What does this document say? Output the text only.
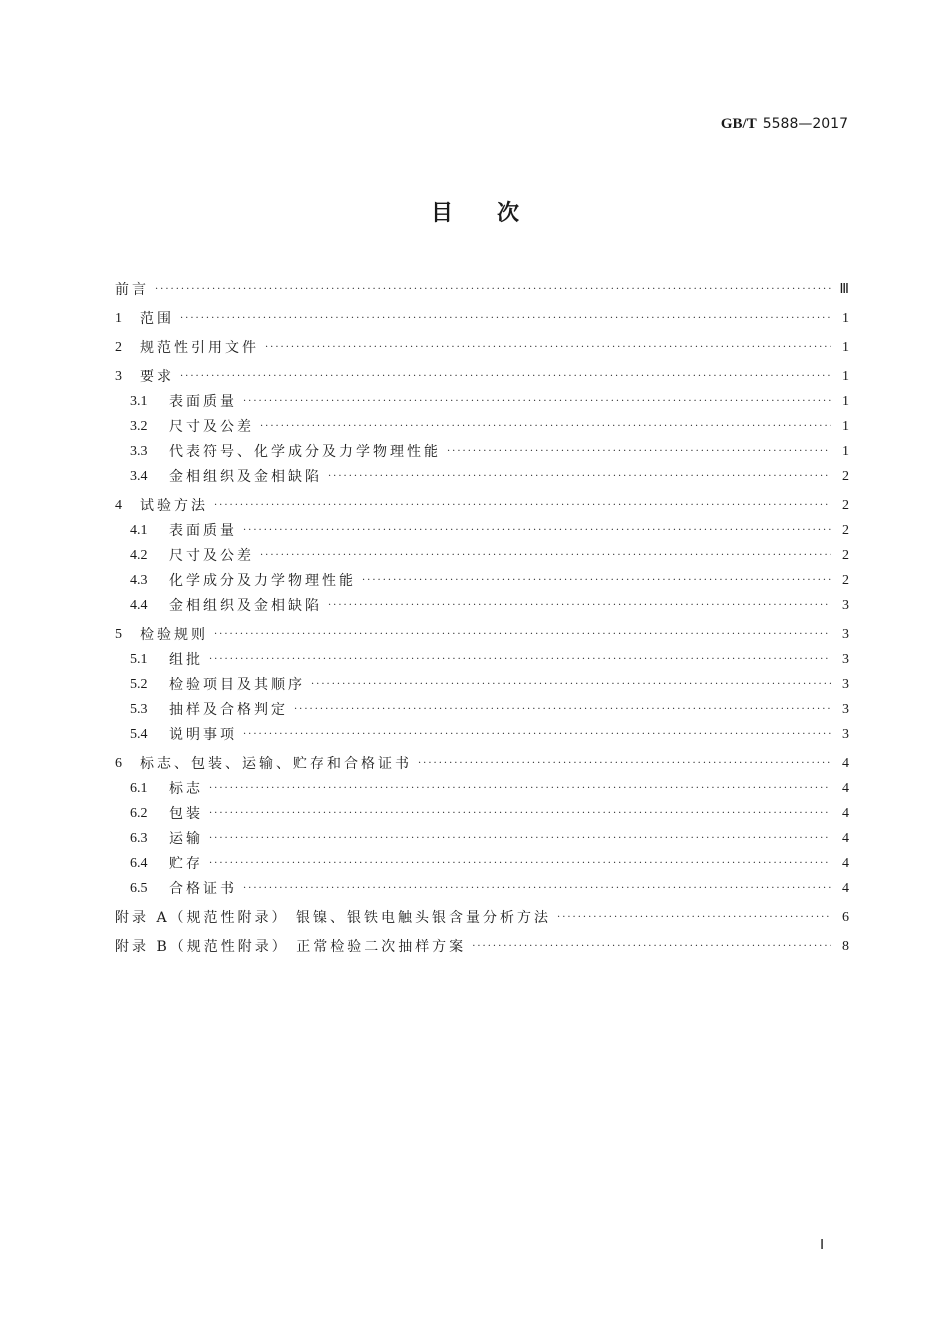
GB/T 5588—2017
目次
前言 ·····	Ⅲ
1	范围 ·····	1
2	规范性引用文件 ·····	1
3	要求 ·····	1
3.1	表面质量 ·····	1
3.2	尺寸及公差 ·····	1
3.3	代表符号、化学成分及力学物理性能 ·····	1
3.4	金相组织及金相缺陷 ·····	2
4	试验方法 ·····	2
4.1	表面质量 ·····	2
4.2	尺寸及公差 ·····	2
4.3	化学成分及力学物理性能 ·····	2
4.4	金相组织及金相缺陷 ·····	3
5	检验规则 ·····	3
5.1	组批 ·····	3
5.2	检验项目及其顺序 ·····	3
5.3	抽样及合格判定 ·····	3
5.4	说明事项 ·····	3
6	标志、包装、运输、贮存和合格证书 ·····	4
6.1	标志 ·····	4
6.2	包装 ·····	4
6.3	运输 ·····	4
6.4	贮存 ·····	4
6.5	合格证书 ·····	4
附录 A（规范性附录） 银镍、银铁电触头银含量分析方法 ·····	6
附录 B（规范性附录） 正常检验二次抽样方案 ·····	8
Ⅰ
